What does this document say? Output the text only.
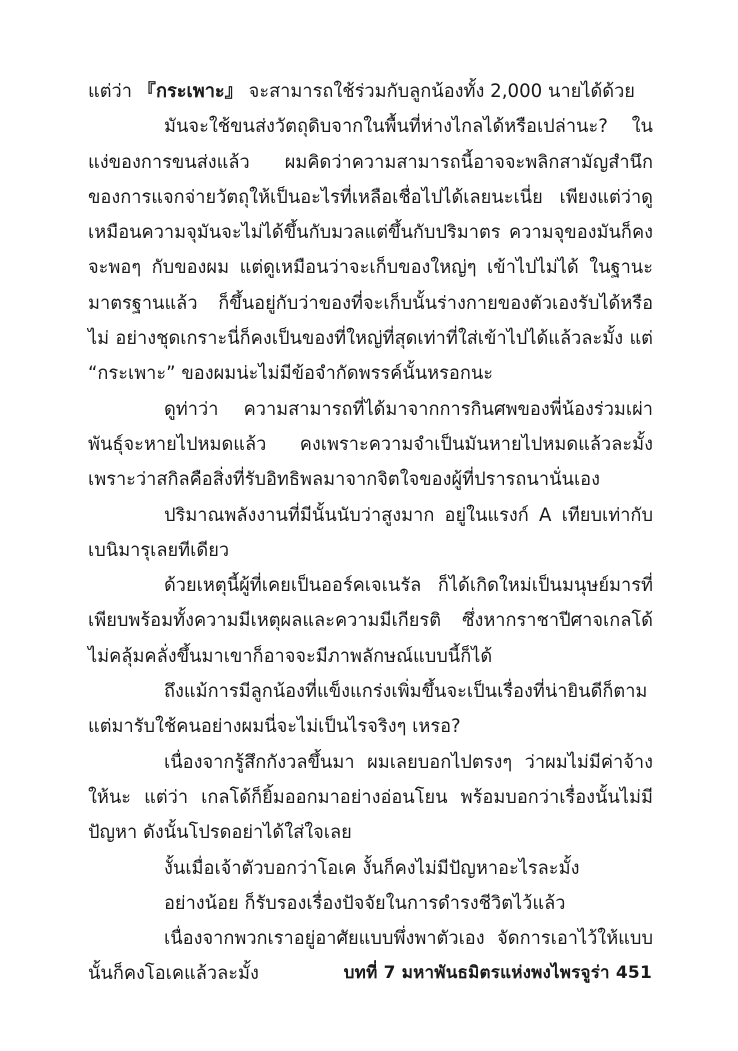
แต่ว่า 『กระเพาะ』 จะสามารถใช้ร่วมกับลูกน้องทั้ง 2,000 นายได้ด้วย

มันจะใช้ขนส่งวัตถุดิบจากในพื้นที่ห่างไกลได้หรือเปล่านะ? ในแง่ของการขนส่งแล้ว ผมคิดว่าความสามารถนี้อาจจะพลิกสามัญสำนึกของการแจกจ่ายวัตถุให้เป็นอะไรที่เหลือเชื่อไปได้เลยนะเนี่ย เพียงแต่ว่าดูเหมือนความจุมันจะไม่ได้ขึ้นกับมวลแต่ขึ้นกับปริมาตร ความจุของมันก็คงจะพอๆ กับของผม แต่ดูเหมือนว่าจะเก็บของใหญ่ๆ เข้าไปไม่ได้ ในฐานะมาตรฐานแล้ว ก็ขึ้นอยู่กับว่าของที่จะเก็บนั้นร่างกายของตัวเองรับได้หรือไม่ อย่างชุดเกราะนี่ก็คงเป็นของที่ใหญ่ที่สุดเท่าที่ใส่เข้าไปได้แล้วละมั้ง แต่ “กระเพาะ” ของผมน่ะไม่มีข้อจำกัดพรรค์นั้นหรอกนะ

ดูท่าว่า ความสามารถที่ได้มาจากการกินศพของพี่น้องร่วมเผ่าพันธุ์จะหายไปหมดแล้ว คงเพราะความจำเป็นมันหายไปหมดแล้วละมั้ง เพราะว่าสกิลคือสิ่งที่รับอิทธิพลมาจากจิตใจของผู้ที่ปรารถนานั่นเอง

ปริมาณพลังงานที่มีนั้นนับว่าสูงมาก อยู่ในแรงก์ A เทียบเท่ากับเบนิมารุเลยทีเดียว

ด้วยเหตุนี้ผู้ที่เคยเป็นออร์คเจเนรัล ก็ได้เกิดใหม่เป็นมนุษย์มารที่เพียบพร้อมทั้งความมีเหตุผลและความมีเกียรติ ซึ่งหากราชาปีศาจเกลโด้ไม่คลุ้มคลั่งขึ้นมาเขาก็อาจจะมีภาพลักษณ์แบบนี้ก็ได้

ถึงแม้การมีลูกน้องที่แข็งแกร่งเพิ่มขึ้นจะเป็นเรื่องที่น่ายินดีก็ตาม แต่มารับใช้คนอย่างผมนี่จะไม่เป็นไรจริงๆ เหรอ?

เนื่องจากรู้สึกกังวลขึ้นมา ผมเลยบอกไปตรงๆ ว่าผมไม่มีค่าจ้างให้นะ แต่ว่า เกลโด้ก็ยิ้มออกมาอย่างอ่อนโยน พร้อมบอกว่าเรื่องนั้นไม่มีปัญหา ดังนั้นโปรดอย่าได้ใส่ใจเลย

งั้นเมื่อเจ้าตัวบอกว่าโอเค งั้นก็คงไม่มีปัญหาอะไรละมั้ง

อย่างน้อย ก็รับรองเรื่องปัจจัยในการดำรงชีวิตไว้แล้ว

เนื่องจากพวกเราอยู่อาศัยแบบพึ่งพาตัวเอง จัดการเอาไว้ให้แบบนั้นก็คงโอเคแล้วละมั้ง	บทที่ 7 มหาพันธมิตรแห่งพงไพรจูร่า 451
